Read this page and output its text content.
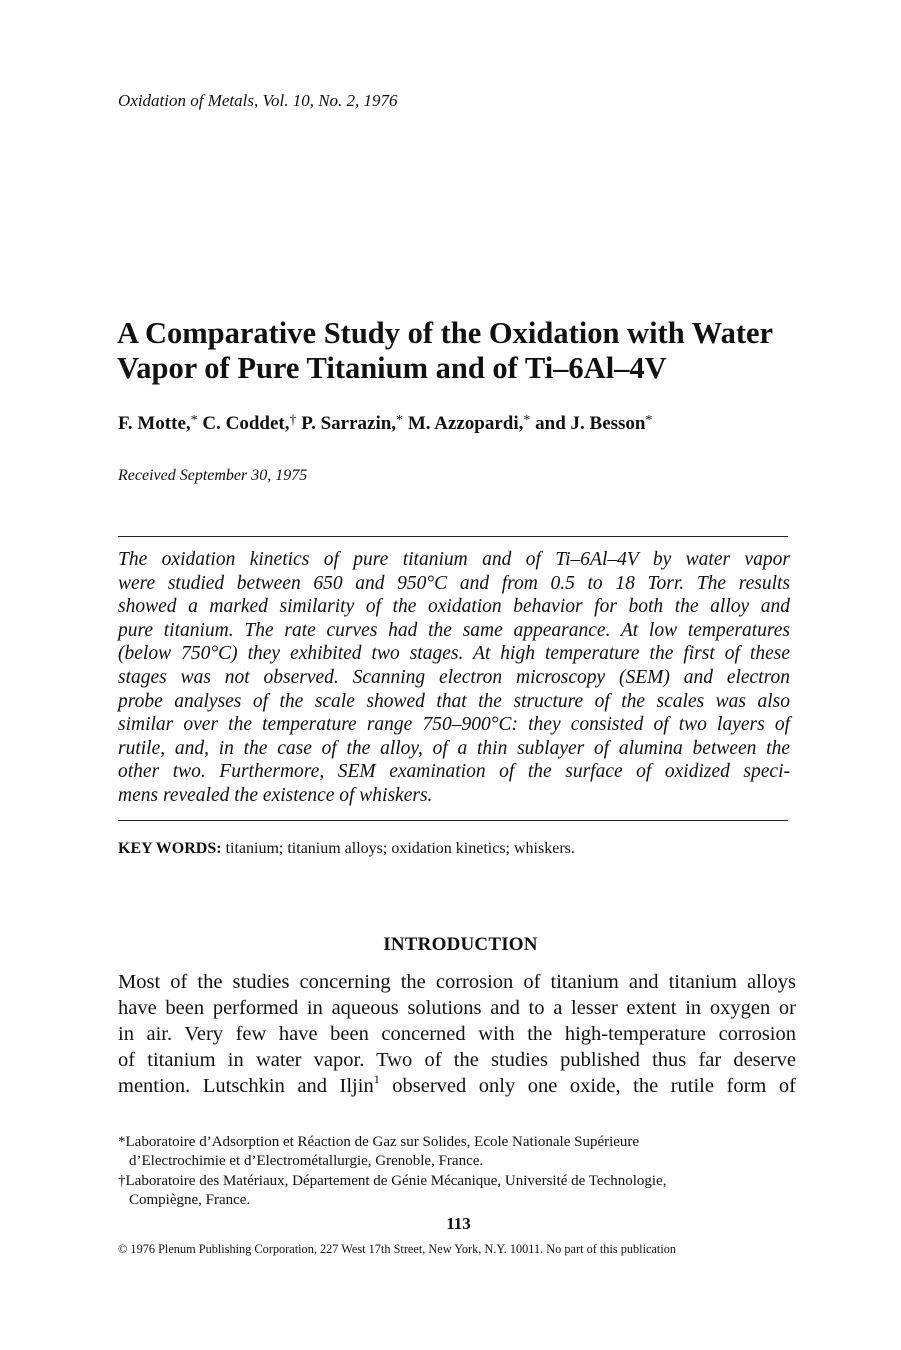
Oxidation of Metals, Vol. 10, No. 2, 1976
A Comparative Study of the Oxidation with Water
Vapor of Pure Titanium and of Ti–6Al–4V
F. Motte,* C. Coddet,† P. Sarrazin,* M. Azzopardi,* and J. Besson*
Received September 30, 1975
The oxidation kinetics of pure titanium and of Ti–6Al–4V by water vapor
were studied between 650 and 950°C and from 0.5 to 18 Torr. The results
showed a marked similarity of the oxidation behavior for both the alloy and
pure titanium. The rate curves had the same appearance. At low temperatures
(below 750°C) they exhibited two stages. At high temperature the first of these
stages was not observed. Scanning electron microscopy (SEM) and electron
probe analyses of the scale showed that the structure of the scales was also
similar over the temperature range 750–900°C: they consisted of two layers of
rutile, and, in the case of the alloy, of a thin sublayer of alumina between the
other two. Furthermore, SEM examination of the surface of oxidized speci-
mens revealed the existence of whiskers.
KEY WORDS: titanium; titanium alloys; oxidation kinetics; whiskers.
INTRODUCTION
Most of the studies concerning the corrosion of titanium and titanium alloys
have been performed in aqueous solutions and to a lesser extent in oxygen or
in air. Very few have been concerned with the high-temperature corrosion
of titanium in water vapor. Two of the studies published thus far deserve
mention. Lutschkin and Iljin$^1$ observed only one oxide, the rutile form of
*Laboratoire d’Adsorption et Réaction de Gaz sur Solides, Ecole Nationale Supérieure
d’Electrochimie et d’Electrométallurgie, Grenoble, France.
†Laboratoire des Matériaux, Département de Génie Mécanique, Université de Technologie,
Compiègne, France.
113
© 1976 Plenum Publishing Corporation, 227 West 17th Street, New York, N.Y. 10011. No part of this publication
